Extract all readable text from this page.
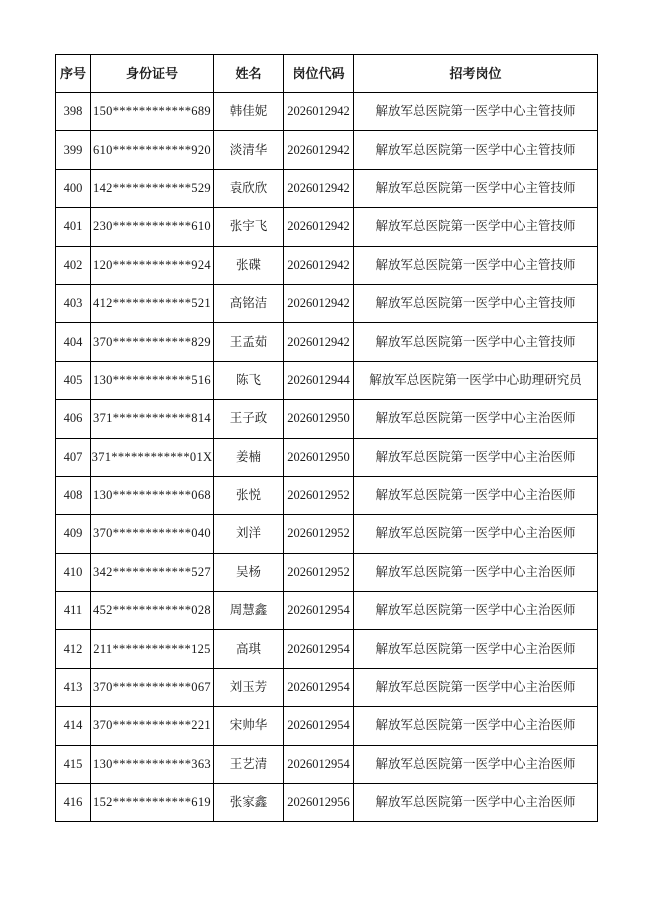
序号	身份证号	姓名	岗位代码	招考岗位
398	150************689	韩佳妮	2026012942	解放军总医院第一医学中心主管技师
399	610************920	淡清华	2026012942	解放军总医院第一医学中心主管技师
400	142************529	袁欣欣	2026012942	解放军总医院第一医学中心主管技师
401	230************610	张宇飞	2026012942	解放军总医院第一医学中心主管技师
402	120************924	张碟	2026012942	解放军总医院第一医学中心主管技师
403	412************521	高铭洁	2026012942	解放军总医院第一医学中心主管技师
404	370************829	王孟茹	2026012942	解放军总医院第一医学中心主管技师
405	130************516	陈飞	2026012944	解放军总医院第一医学中心助理研究员
406	371************814	王子政	2026012950	解放军总医院第一医学中心主治医师
407	371************01X	姜楠	2026012950	解放军总医院第一医学中心主治医师
408	130************068	张悦	2026012952	解放军总医院第一医学中心主治医师
409	370************040	刘洋	2026012952	解放军总医院第一医学中心主治医师
410	342************527	吴杨	2026012952	解放军总医院第一医学中心主治医师
411	452************028	周慧鑫	2026012954	解放军总医院第一医学中心主治医师
412	211************125	高琪	2026012954	解放军总医院第一医学中心主治医师
413	370************067	刘玉芳	2026012954	解放军总医院第一医学中心主治医师
414	370************221	宋帅华	2026012954	解放军总医院第一医学中心主治医师
415	130************363	王艺清	2026012954	解放军总医院第一医学中心主治医师
416	152************619	张家鑫	2026012956	解放军总医院第一医学中心主治医师
